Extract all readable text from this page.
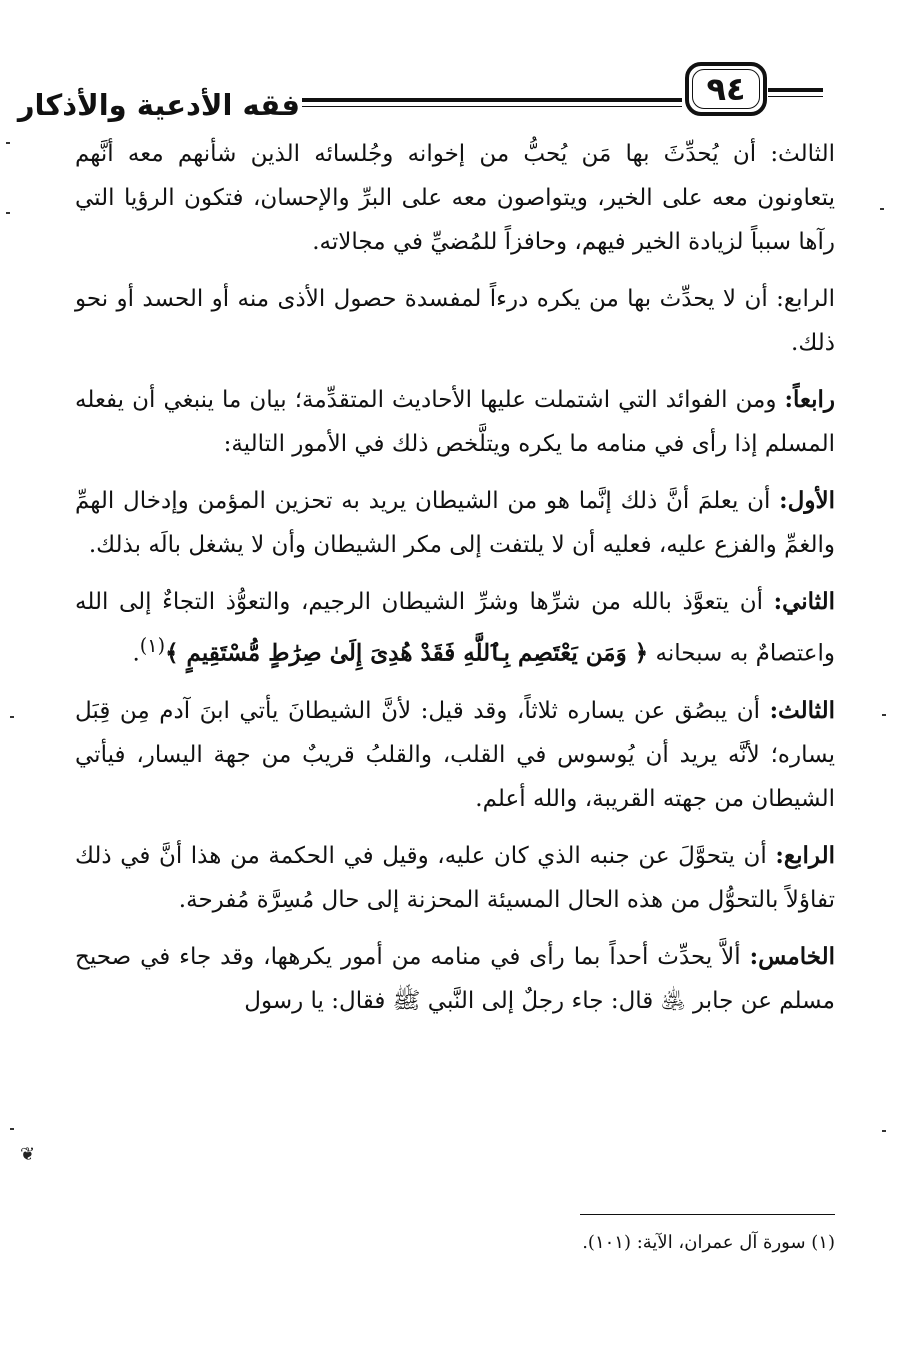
فقه الأدعية والأذكار	٩٤

الثالث: أن يُحدِّثَ بها مَن يُحبُّ من إخوانه وجُلسائه الذين شأنهم معه أنَّهم يتعاونون معه على الخير، ويتواصون معه على البرِّ والإحسان، فتكون الرؤيا التي رآها سبباً لزيادة الخير فيهم، وحافزاً للمُضيِّ في مجالاته.

الرابع: أن لا يحدِّث بها من يكره درءاً لمفسدة حصول الأذى منه أو الحسد أو نحو ذلك.

رابعاً: ومن الفوائد التي اشتملت عليها الأحاديث المتقدِّمة؛ بيان ما ينبغي أن يفعله المسلم إذا رأى في منامه ما يكره ويتلَّخص ذلك في الأمور التالية:

الأول: أن يعلمَ أنَّ ذلك إنَّما هو من الشيطان يريد به تحزين المؤمن وإدخال الهمِّ والغمِّ والفزع عليه، فعليه أن لا يلتفت إلى مكر الشيطان وأن لا يشغل بالَه بذلك.

الثاني: أن يتعوَّذ بالله من شرِّها وشرِّ الشيطان الرجيم، والتعوُّذ التجاءٌ إلى الله واعتصامٌ به سبحانه ﴿ وَمَن يَعْتَصِم بِٱللَّهِ فَقَدْ هُدِىَ إِلَىٰ صِرَٰطٍ مُّسْتَقِيمٍ ﴾$^{(١)}$.

الثالث: أن يبصُق عن يساره ثلاثاً، وقد قيل: لأنَّ الشيطانَ يأتي ابنَ آدم مِن قِبَل يساره؛ لأنَّه يريد أن يُوسوس في القلب، والقلبُ قريبٌ من جهة اليسار، فيأتي الشيطان من جهته القريبة، والله أعلم.

الرابع: أن يتحوَّلَ عن جنبه الذي كان عليه، وقيل في الحكمة من هذا أنَّ في ذلك تفاؤلاً بالتحوُّل من هذه الحال المسيئة المحزنة إلى حال مُسِرَّة مُفرحة.

الخامس: ألاَّ يحدِّث أحداً بما رأى في منامه من أمور يكرهها، وقد جاء في صحيح مسلم عن جابر ﵁ قال: جاء رجلٌ إلى النَّبي ﷺ فقال: يا رسول

(١) سورة آل عمران، الآية: (١٠١).
❦
